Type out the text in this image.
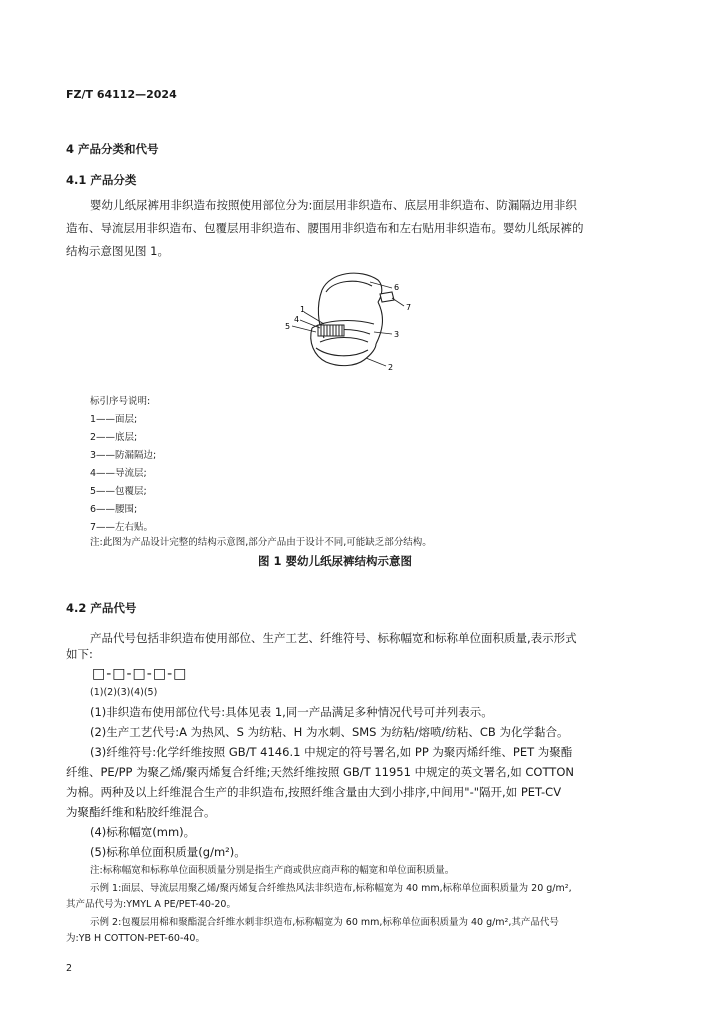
FZ/T 64112—2024
4 产品分类和代号
4.1 产品分类
婴幼儿纸尿裤用非织造布按照使用部位分为:面层用非织造布、底层用非织造布、防漏隔边用非织
造布、导流层用非织造布、包覆层用非织造布、腰围用非织造布和左右贴用非织造布。婴幼儿纸尿裤的
结构示意图见图 1。
1
4
5
3
2
6
7
标引序号说明:
1——面层;
2——底层;
3——防漏隔边;
4——导流层;
5——包覆层;
6——腰围;
7——左右贴。
注:此图为产品设计完整的结构示意图,部分产品由于设计不同,可能缺乏部分结构。
图 1 婴幼儿纸尿裤结构示意图
4.2 产品代号
产品代号包括非织造布使用部位、生产工艺、纤维符号、标称幅宽和标称单位面积质量,表示形式
如下:
□-□-□-□-□
(1)(2)(3)(4)(5)
(1)非织造布使用部位代号:具体见表 1,同一产品满足多种情况代号可并列表示。
(2)生产工艺代号:A 为热风、S 为纺粘、H 为水刺、SMS 为纺粘/熔喷/纺粘、CB 为化学黏合。
(3)纤维符号:化学纤维按照 GB/T 4146.1 中规定的符号署名,如 PP 为聚丙烯纤维、PET 为聚酯
纤维、PE/PP 为聚乙烯/聚丙烯复合纤维;天然纤维按照 GB/T 11951 中规定的英文署名,如 COTTON
为棉。两种及以上纤维混合生产的非织造布,按照纤维含量由大到小排序,中间用"-"隔开,如 PET-CV
为聚酯纤维和粘胶纤维混合。
(4)标称幅宽(mm)。
(5)标称单位面积质量(g/m²)。
注:标称幅宽和标称单位面积质量分别是指生产商或供应商声称的幅宽和单位面积质量。
示例 1:面层、导流层用聚乙烯/聚丙烯复合纤维热风法非织造布,标称幅宽为 40 mm,标称单位面积质量为 20 g/m²,
其产品代号为:YMYL A PE/PET-40-20。
示例 2:包覆层用棉和聚酯混合纤维水刺非织造布,标称幅宽为 60 mm,标称单位面积质量为 40 g/m²,其产品代号
为:YB H COTTON-PET-60-40。
2
